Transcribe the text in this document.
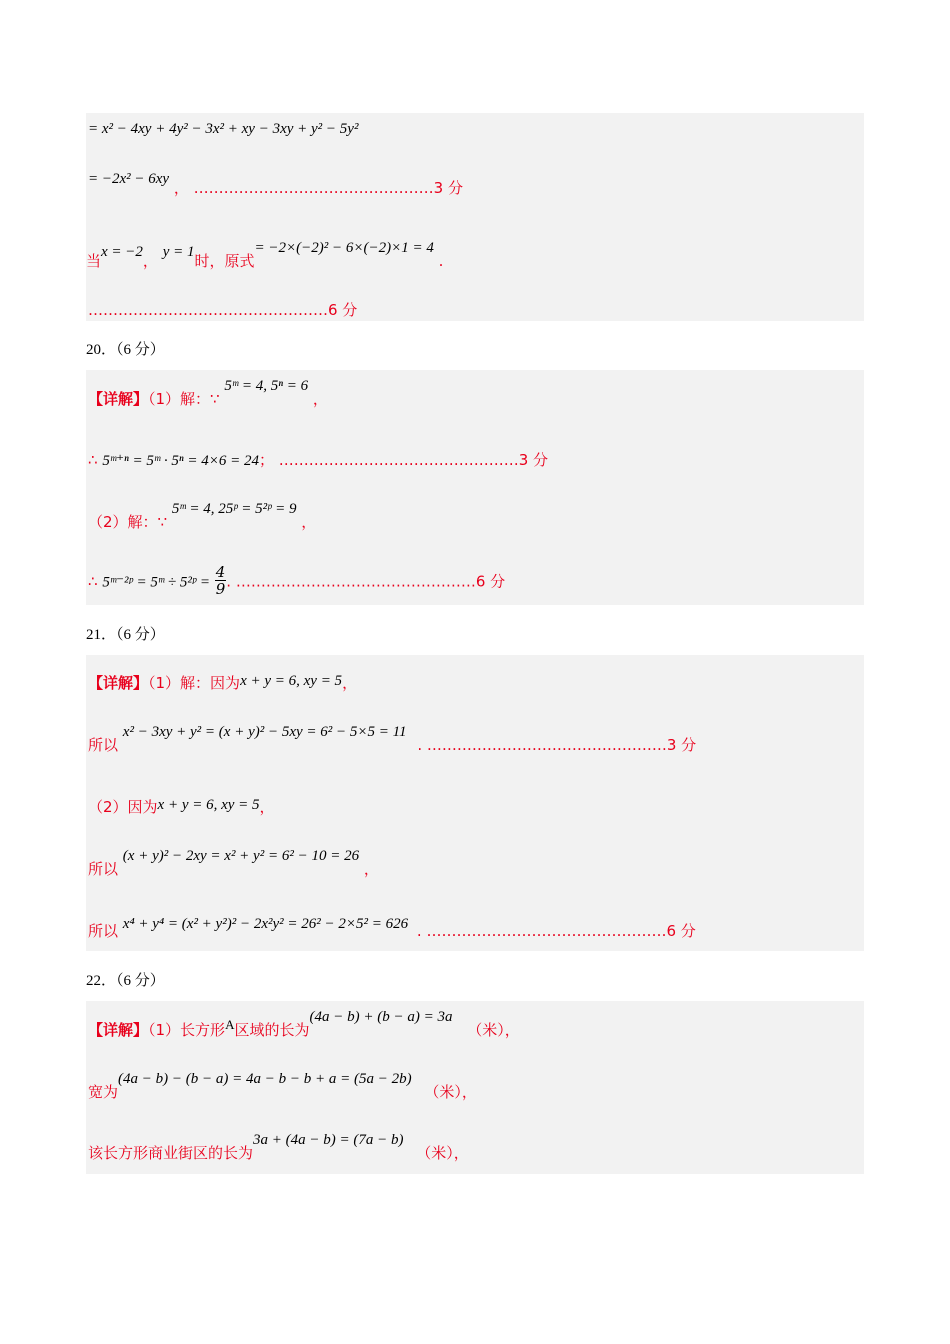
= x² − 4xy + 4y² − 3x² + xy − 3xy + y² − 5y²
= −2x² − 6xy ， …………………………………………3 分
当x = −2， y = 1时，原式= −2×(−2)² − 6×(−2)×1 = 4 .
…………………………………………6 分
20．（6 分）
【详解】（1）解：∵ 5ᵐ = 4, 5ⁿ = 6 ，
∴ 5ᵐ⁺ⁿ = 5ᵐ · 5ⁿ = 4×6 = 24； …………………………………………3 分
（2）解：∵ 5ᵐ = 4, 25ᵖ = 5²ᵖ = 9 ，
∴ 5ᵐ⁻²ᵖ = 5ᵐ ÷ 5²ᵖ = $\frac{4}{9}$ . …………………………………………6 分
21．（6 分）
【详解】（1）解：因为x + y = 6, xy = 5，
所以 x² − 3xy + y² = (x + y)² − 5xy = 6² − 5×5 = 11 . …………………………………………3 分
（2）因为x + y = 6, xy = 5，
所以 (x + y)² − 2xy = x² + y² = 6² − 10 = 26 ，
所以 x⁴ + y⁴ = (x² + y²)² − 2x²y² = 26² − 2×5² = 626 . …………………………………………6 分
22．（6 分）
【详解】（1）长方形A区域的长为(4a − b) + (b − a) = 3a （米），
宽为(4a − b) − (b − a) = 4a − b − b + a = (5a − 2b) （米），
该长方形商业街区的长为3a + (4a − b) = (7a − b) （米），
